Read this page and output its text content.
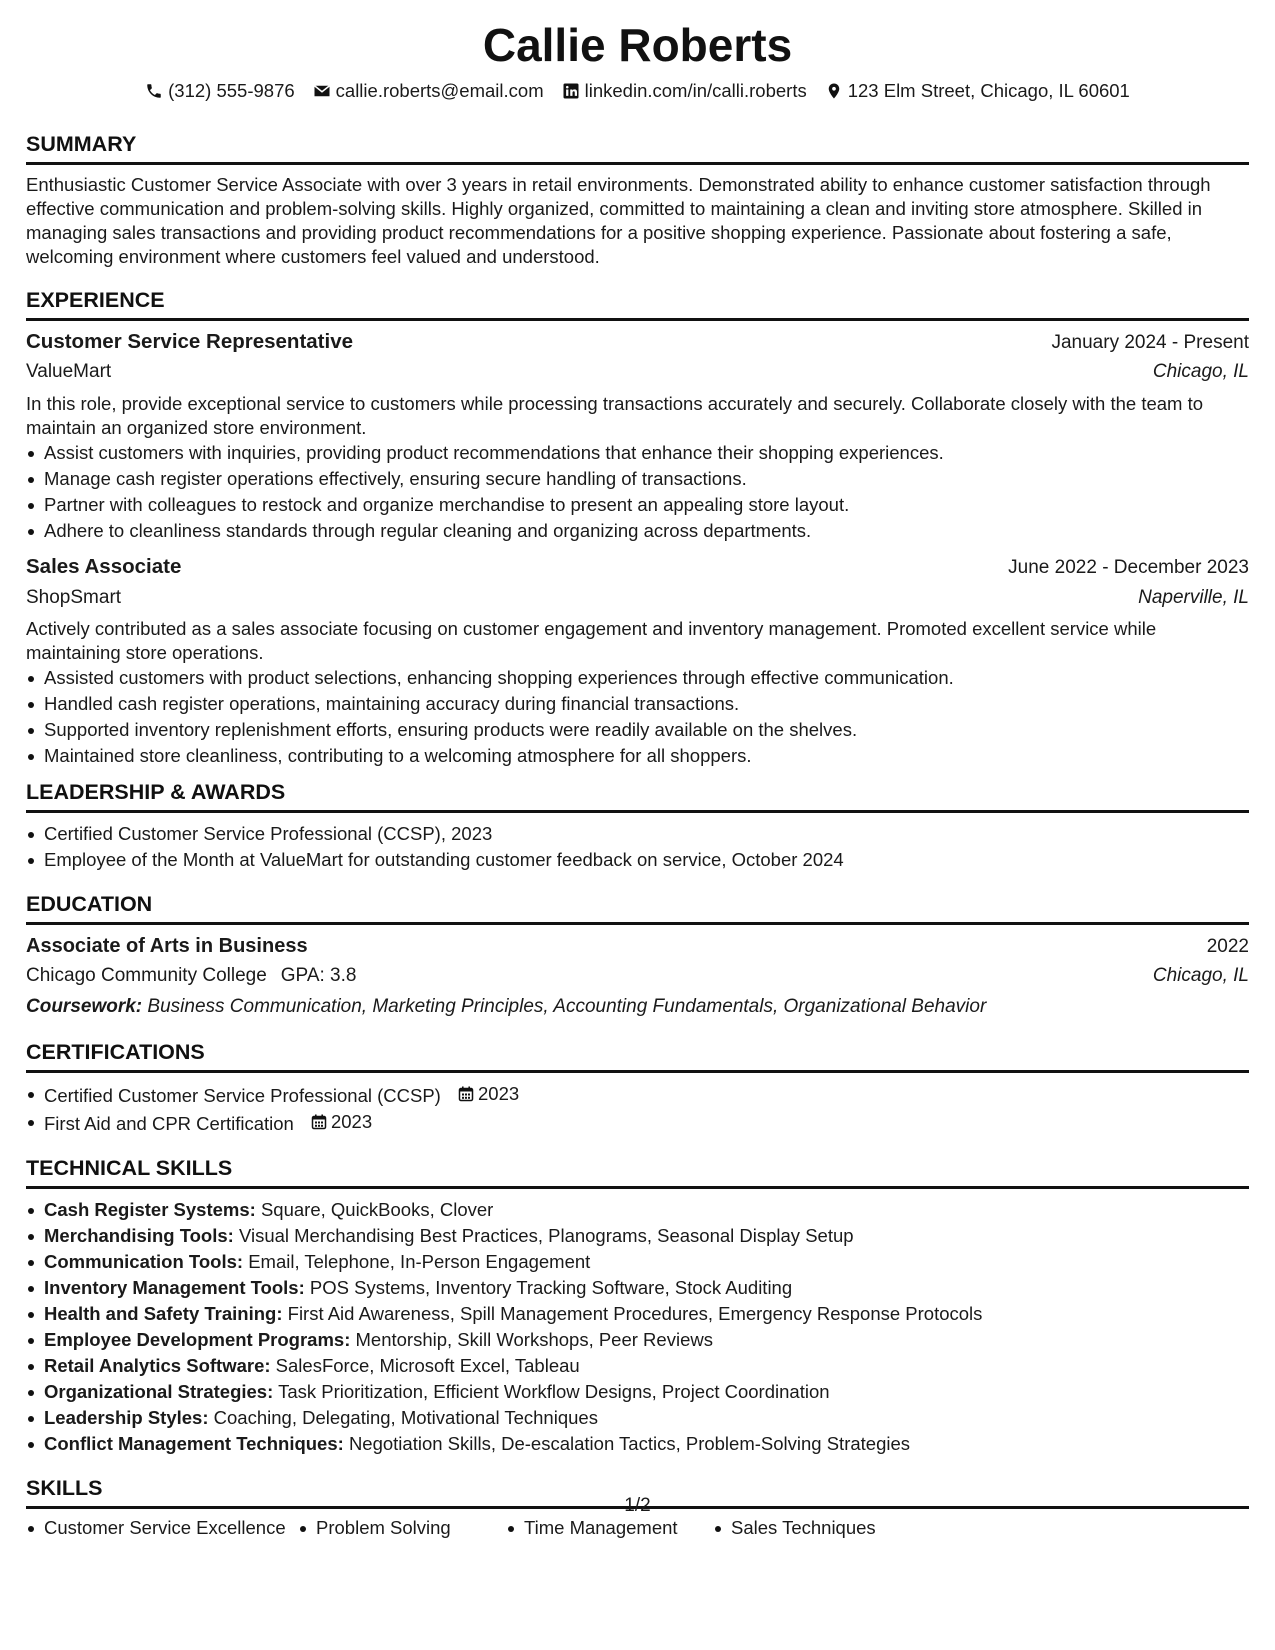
Callie Roberts
(312) 555-9876 callie.roberts@email.com linkedin.com/in/calli.roberts 123 Elm Street, Chicago, IL 60601
SUMMARY

Enthusiastic Customer Service Associate with over 3 years in retail environments. Demonstrated ability to enhance customer satisfaction through effective communication and problem-solving skills. Highly organized, committed to maintaining a clean and inviting store atmosphere. Skilled in managing sales transactions and providing product recommendations for a positive shopping experience. Passionate about fostering a safe, welcoming environment where customers feel valued and understood.

EXPERIENCE
Customer Service Representative	January 2024 - Present
ValueMart	Chicago, IL

In this role, provide exceptional service to customers while processing transactions accurately and securely. Collaborate closely with the team to maintain an organized store environment.

Assist customers with inquiries, providing product recommendations that enhance their shopping experiences.
Manage cash register operations effectively, ensuring secure handling of transactions.
Partner with colleagues to restock and organize merchandise to present an appealing store layout.
Adhere to cleanliness standards through regular cleaning and organizing across departments.
Sales Associate	June 2022 - December 2023
ShopSmart	Naperville, IL

Actively contributed as a sales associate focusing on customer engagement and inventory management. Promoted excellent service while maintaining store operations.

Assisted customers with product selections, enhancing shopping experiences through effective communication.
Handled cash register operations, maintaining accuracy during financial transactions.
Supported inventory replenishment efforts, ensuring products were readily available on the shelves.
Maintained store cleanliness, contributing to a welcoming atmosphere for all shoppers.
LEADERSHIP & AWARDS
Certified Customer Service Professional (CCSP), 2023
Employee of the Month at ValueMart for outstanding customer feedback on service, October 2024
EDUCATION
Associate of Arts in Business	2022
Chicago Community College GPA: 3.8	Chicago, IL
Coursework: Business Communication, Marketing Principles, Accounting Fundamentals, Organizational Behavior
CERTIFICATIONS
Certified Customer Service Professional (CCSP) 2023
First Aid and CPR Certification 2023
TECHNICAL SKILLS
Cash Register Systems: Square, QuickBooks, Clover
Merchandising Tools: Visual Merchandising Best Practices, Planograms, Seasonal Display Setup
Communication Tools: Email, Telephone, In-Person Engagement
Inventory Management Tools: POS Systems, Inventory Tracking Software, Stock Auditing
Health and Safety Training: First Aid Awareness, Spill Management Procedures, Emergency Response Protocols
Employee Development Programs: Mentorship, Skill Workshops, Peer Reviews
Retail Analytics Software: SalesForce, Microsoft Excel, Tableau
Organizational Strategies: Task Prioritization, Efficient Workflow Designs, Project Coordination
Leadership Styles: Coaching, Delegating, Motivational Techniques
Conflict Management Techniques: Negotiation Skills, De-escalation Tactics, Problem-Solving Strategies
SKILLS
Customer Service Excellence	Problem Solving	Time Management	Sales Techniques
1/2
